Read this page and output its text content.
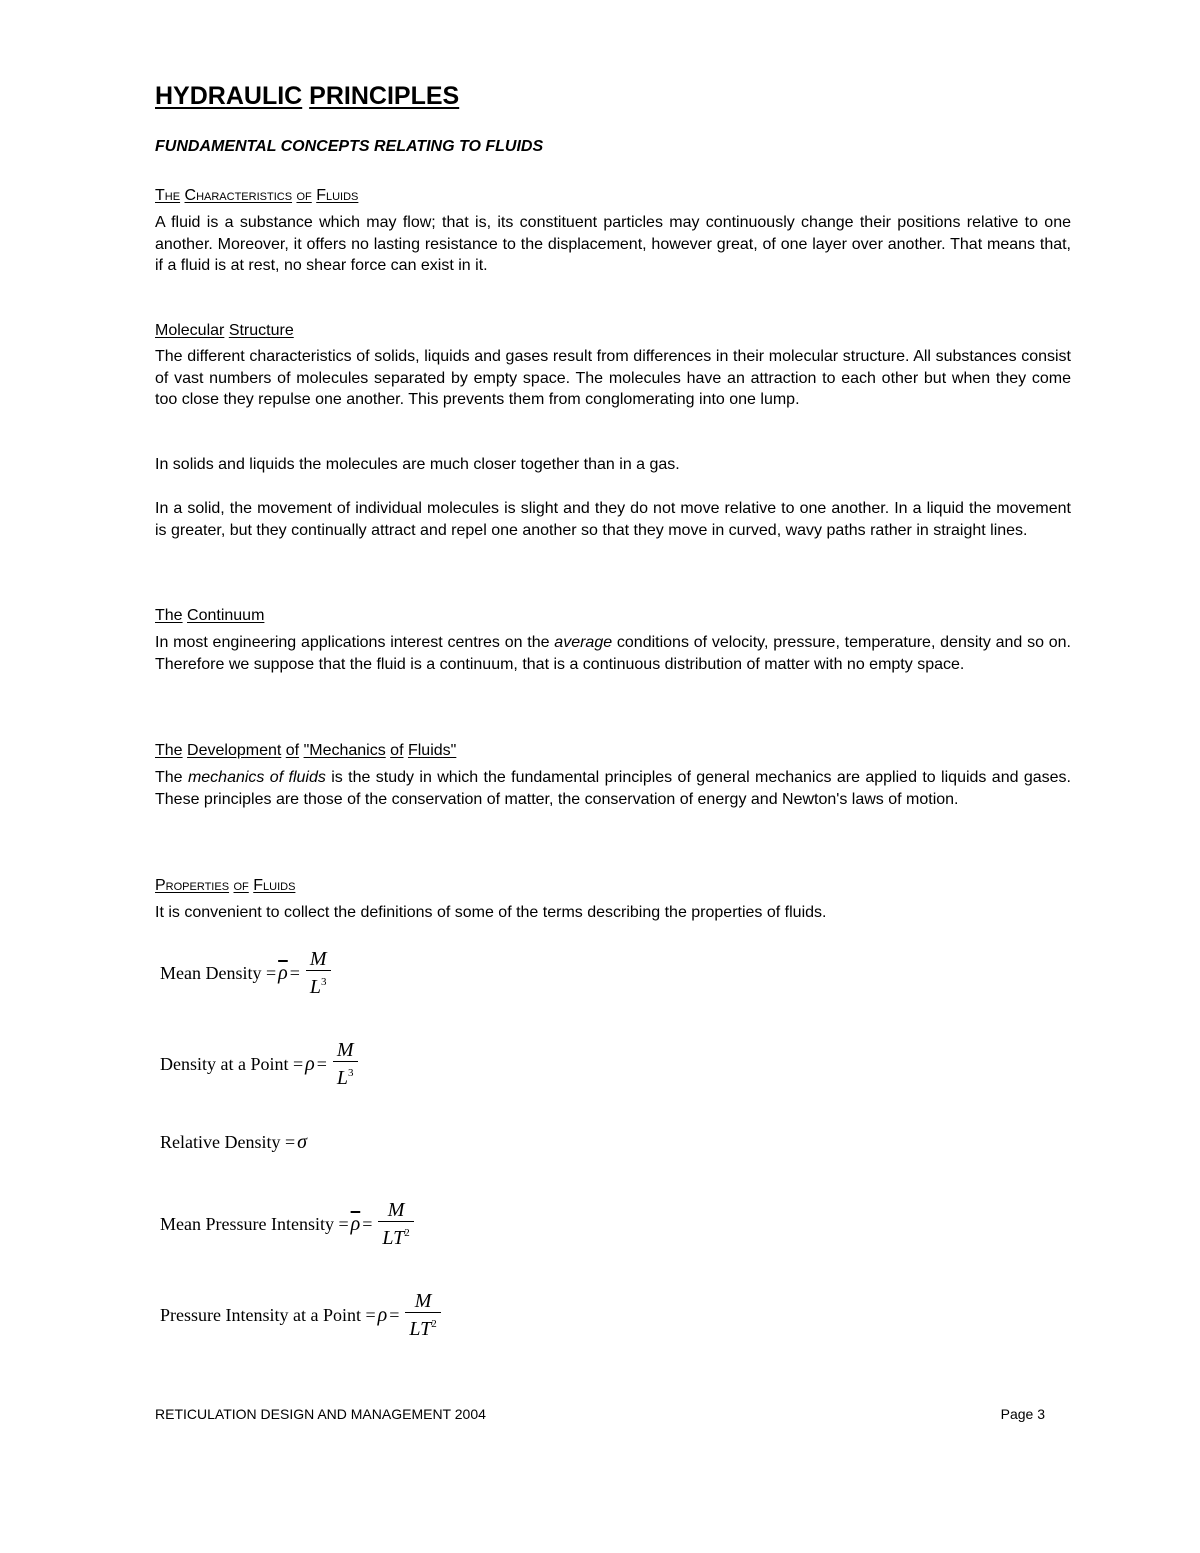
HYDRAULIC PRINCIPLES

FUNDAMENTAL CONCEPTS RELATING TO FLUIDS

The Characteristics of Fluids

A fluid is a substance which may flow; that is, its constituent particles may continuously change their positions relative to one another. Moreover, it offers no lasting resistance to the displacement, however great, of one layer over another. That means that, if a fluid is at rest, no shear force can exist in it.

Molecular Structure

The different characteristics of solids, liquids and gases result from differences in their molecular structure. All substances consist of vast numbers of molecules separated by empty space. The molecules have an attraction to each other but when they come too close they repulse one another. This prevents them from conglomerating into one lump.

In solids and liquids the molecules are much closer together than in a gas.

In a solid, the movement of individual molecules is slight and they do not move relative to one another. In a liquid the movement is greater, but they continually attract and repel one another so that they move in curved, wavy paths rather in straight lines.

The Continuum

In most engineering applications interest centres on the average conditions of velocity, pressure, temperature, density and so on. Therefore we suppose that the fluid is a continuum, that is a continuous distribution of matter with no empty space.

The Development of "Mechanics of Fluids"

The mechanics of fluids is the study in which the fundamental principles of general mechanics are applied to liquids and gases. These principles are those of the conservation of matter, the conservation of energy and Newton's laws of motion.

Properties of Fluids

It is convenient to collect the definitions of some of the terms describing the properties of fluids.

Mean Density = $\overline{\rho} = \frac{M}{L^3}$
Density at a Point = $\rho = \frac{M}{L^3}$
Relative Density = σ
Mean Pressure Intensity = $\overline{\rho} = \frac{M}{LT^2}$
Pressure Intensity at a Point = $\rho = \frac{M}{LT^2}$

RETICULATION DESIGN AND MANAGEMENT 2004	Page 3
